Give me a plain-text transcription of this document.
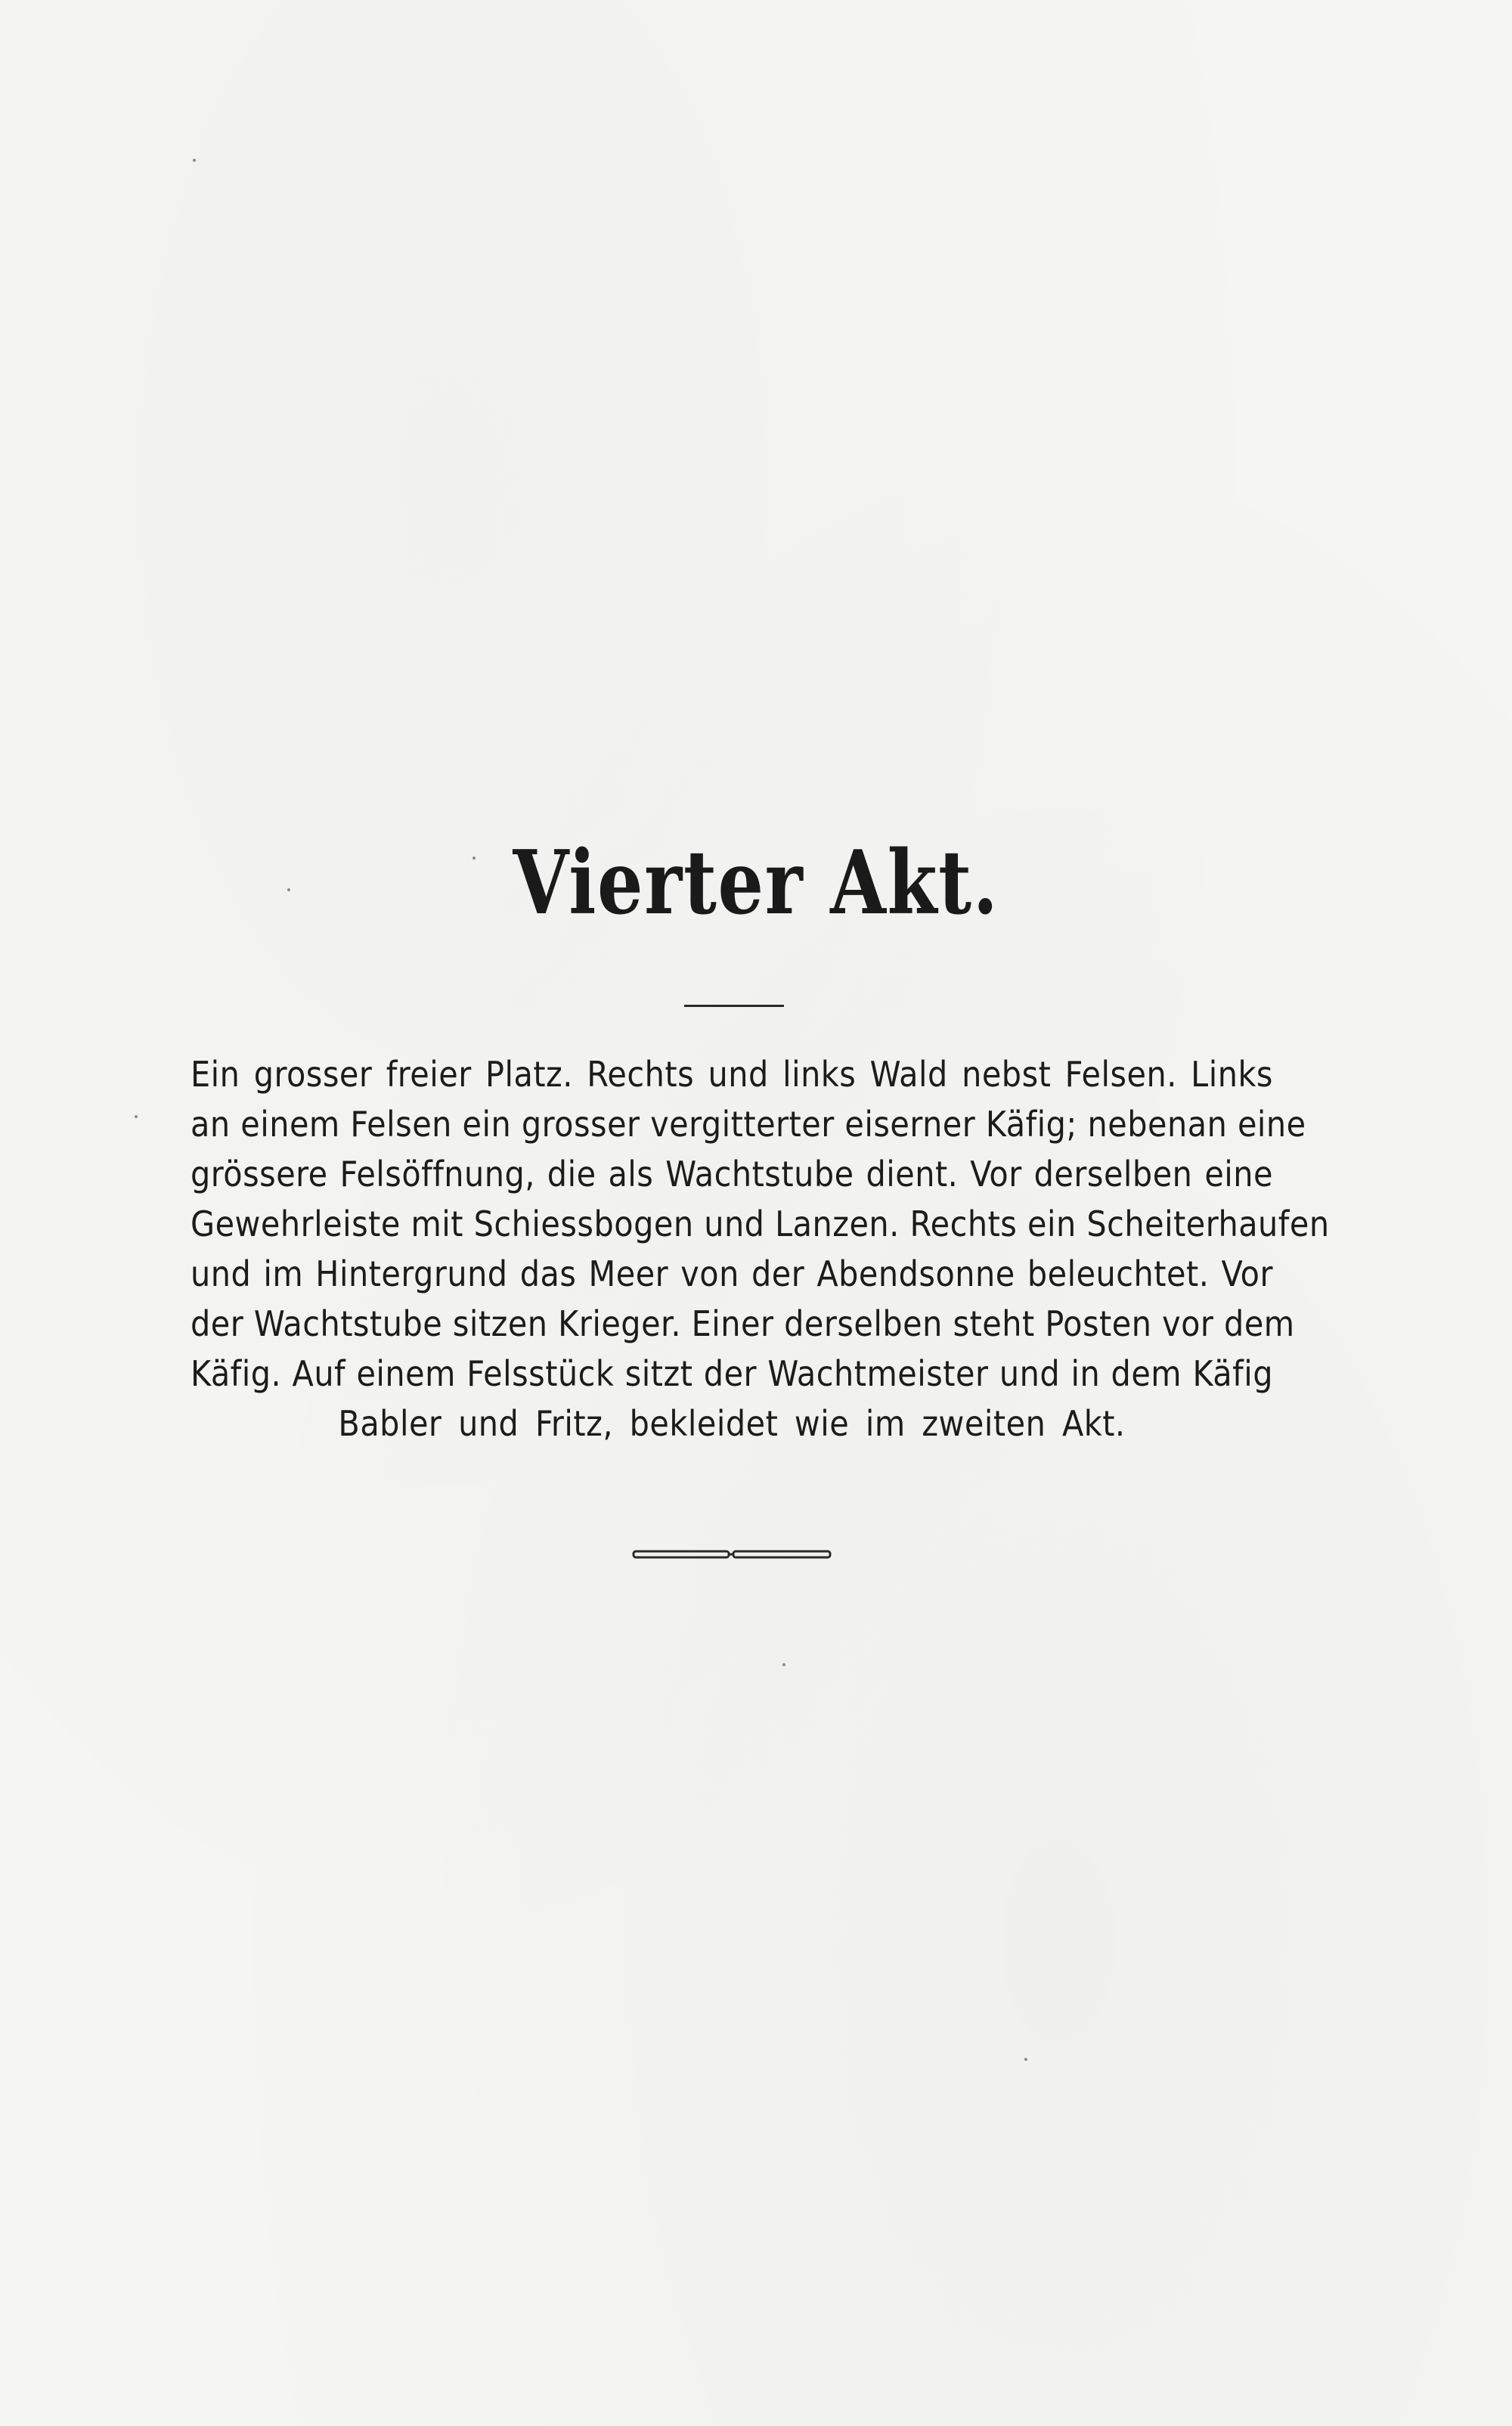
Vierter Akt.
Ein grosser freier Platz. Rechts und links Wald nebst Felsen. Links
an einem Felsen ein grosser vergitterter eiserner Käfig; nebenan eine
grössere Felsöffnung, die als Wachtstube dient. Vor derselben eine
Gewehrleiste mit Schiessbogen und Lanzen. Rechts ein Scheiterhaufen
und im Hintergrund das Meer von der Abendsonne beleuchtet. Vor
der Wachtstube sitzen Krieger. Einer derselben steht Posten vor dem
Käfig. Auf einem Felsstück sitzt der Wachtmeister und in dem Käfig
Babler und Fritz, bekleidet wie im zweiten Akt.
